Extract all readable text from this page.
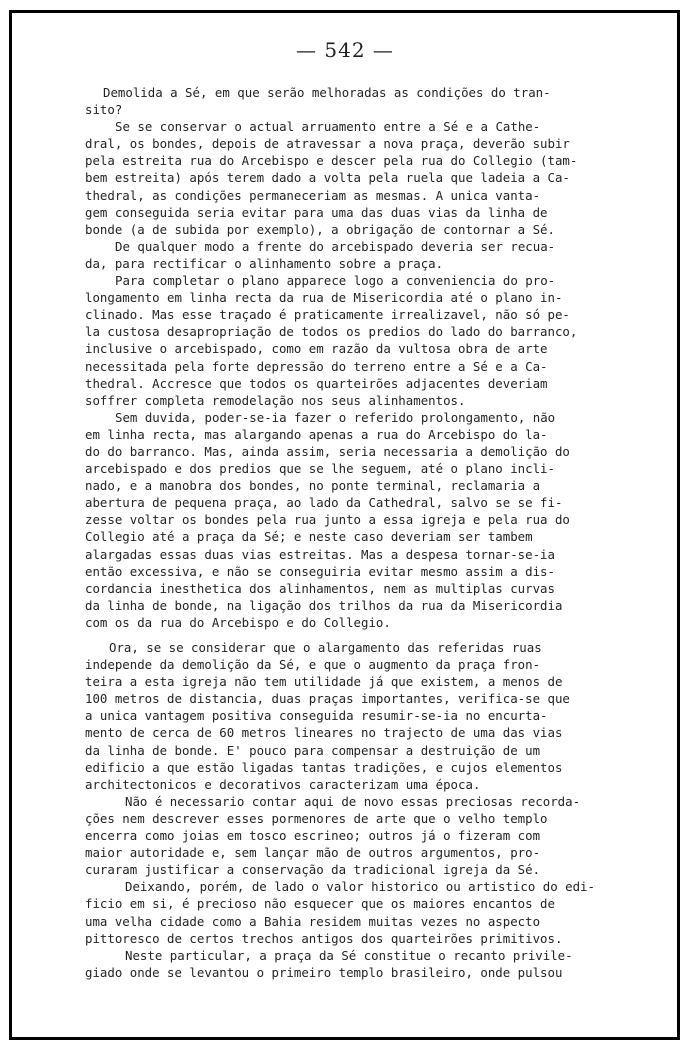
— 542 —
Demolida a Sé, em que serão melhoradas as condições do tran-
sito?
Se se conservar o actual arruamento entre a Sé e a Cathe-
dral, os bondes, depois de atravessar a nova praça, deverão subir
pela estreita rua do Arcebispo e descer pela rua do Collegio (tam-
bem estreita) após terem dado a volta pela ruela que ladeia a Ca-
thedral, as condições permaneceriam as mesmas. A unica vanta-
gem conseguida seria evitar para uma das duas vias da linha de
bonde (a de subida por exemplo), a obrigação de contornar a Sé.
De qualquer modo a frente do arcebispado deveria ser recua-
da, para rectificar o alinhamento sobre a praça.
Para completar o plano apparece logo a conveniencia do pro-
longamento em linha recta da rua de Misericordia até o plano in-
clinado. Mas esse traçado é praticamente irrealizavel, não só pe-
la custosa desapropriação de todos os predios do lado do barranco,
inclusive o arcebispado, como em razão da vultosa obra de arte
necessitada pela forte depressão do terreno entre a Sé e a Ca-
thedral. Accresce que todos os quarteirões adjacentes deveriam
soffrer completa remodelação nos seus alinhamentos.
Sem duvida, poder-se-ia fazer o referido prolongamento, não
em linha recta, mas alargando apenas a rua do Arcebispo do la-
do do barranco. Mas, ainda assim, seria necessaria a demolição do
arcebispado e dos predios que se lhe seguem, até o plano incli-
nado, e a manobra dos bondes, no ponte terminal, reclamaria a
abertura de pequena praça, ao lado da Cathedral, salvo se se fi-
zesse voltar os bondes pela rua junto a essa igreja e pela rua do
Collegio até a praça da Sé; e neste caso deveriam ser tambem
alargadas essas duas vias estreitas. Mas a despesa tornar-se-ia
então excessiva, e não se conseguiria evitar mesmo assim a dis-
cordancia inesthetica dos alinhamentos, nem as multiplas curvas
da linha de bonde, na ligação dos trilhos da rua da Misericordia
com os da rua do Arcebispo e do Collegio.
Ora, se se considerar que o alargamento das referidas ruas
independe da demolição da Sé, e que o augmento da praça fron-
teira a esta igreja não tem utilidade já que existem, a menos de
100 metros de distancia, duas praças importantes, verifica-se que
a unica vantagem positiva conseguida resumir-se-ia no encurta-
mento de cerca de 60 metros lineares no trajecto de uma das vias
da linha de bonde. E' pouco para compensar a destruição de um
edificio a que estão ligadas tantas tradições, e cujos elementos
architectonicos e decorativos caracterizam uma época.
Não é necessario contar aqui de novo essas preciosas recorda-
ções nem descrever esses pormenores de arte que o velho templo
encerra como joias em tosco escrineo; outros já o fizeram com
maior autoridade e, sem lançar mão de outros argumentos, pro-
curaram justificar a conservação da tradicional igreja da Sé.
Deixando, porém, de lado o valor historico ou artistico do edi-
ficio em si, é precioso não esquecer que os maiores encantos de
uma velha cidade como a Bahia residem muitas vezes no aspecto
pittoresco de certos trechos antigos dos quarteirões primitivos.
Neste particular, a praça da Sé constitue o recanto privile-
giado onde se levantou o primeiro templo brasileiro, onde pulsou
